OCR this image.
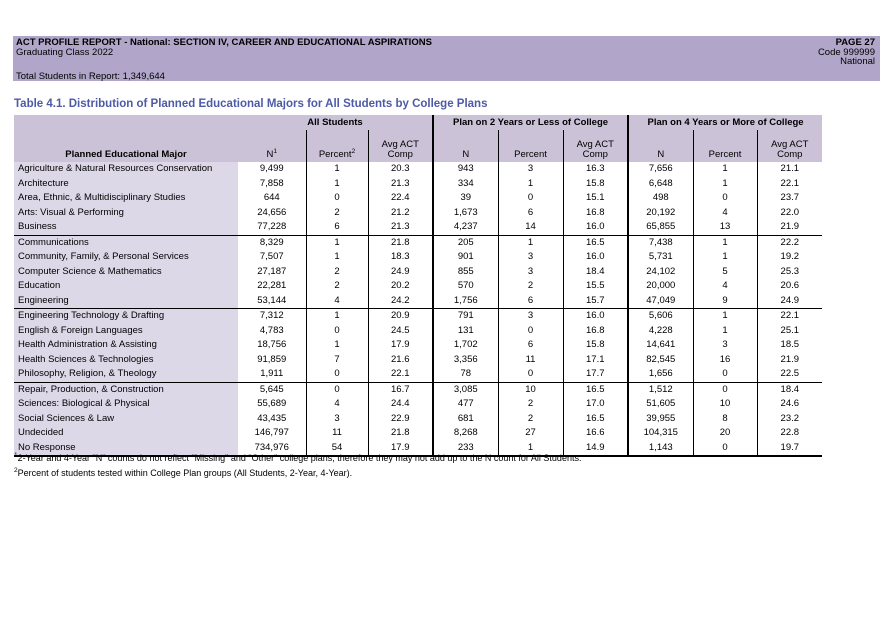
ACT PROFILE REPORT - National: SECTION IV, CAREER AND EDUCATIONAL ASPIRATIONS	PAGE 27
Graduating Class 2022	Code 999999
National
Total Students in Report: 1,349,644
Table 4.1. Distribution of Planned Educational Majors for All Students by College Plans
Planned Educational Major	All Students			Plan on 2 Years or Less of College			Plan on 4 Years or More of College		
	$N^1$	Percent$^2$	Avg ACT Comp	N	Percent	Avg ACT Comp	N	Percent	Avg ACT Comp
Agriculture & Natural Resources Conservation	9,499	1	20.3	943	3	16.3	7,656	1	21.1
Architecture	7,858	1	21.3	334	1	15.8	6,648	1	22.1
Area, Ethnic, & Multidisciplinary Studies	644	0	22.4	39	0	15.1	498	0	23.7
Arts: Visual & Performing	24,656	2	21.2	1,673	6	16.8	20,192	4	22.0
Business	77,228	6	21.3	4,237	14	16.0	65,855	13	21.9
Communications	8,329	1	21.8	205	1	16.5	7,438	1	22.2
Community, Family, & Personal Services	7,507	1	18.3	901	3	16.0	5,731	1	19.2
Computer Science & Mathematics	27,187	2	24.9	855	3	18.4	24,102	5	25.3
Education	22,281	2	20.2	570	2	15.5	20,000	4	20.6
Engineering	53,144	4	24.2	1,756	6	15.7	47,049	9	24.9
Engineering Technology & Drafting	7,312	1	20.9	791	3	16.0	5,606	1	22.1
English & Foreign Languages	4,783	0	24.5	131	0	16.8	4,228	1	25.1
Health Administration & Assisting	18,756	1	17.9	1,702	6	15.8	14,641	3	18.5
Health Sciences & Technologies	91,859	7	21.6	3,356	11	17.1	82,545	16	21.9
Philosophy, Religion, & Theology	1,911	0	22.1	78	0	17.7	1,656	0	22.5
Repair, Production, & Construction	5,645	0	16.7	3,085	10	16.5	1,512	0	18.4
Sciences: Biological & Physical	55,689	4	24.4	477	2	17.0	51,605	10	24.6
Social Sciences & Law	43,435	3	22.9	681	2	16.5	39,955	8	23.2
Undecided	146,797	11	21.8	8,268	27	16.6	104,315	20	22.8
No Response	734,976	54	17.9	233	1	14.9	1,143	0	19.7
$^1$2-Year and 4-Year "N" counts do not reflect "Missing" and "Other" college plans, therefore they may not add up to the N count for All Students.
$^2$Percent of students tested within College Plan groups (All Students, 2-Year, 4-Year).
